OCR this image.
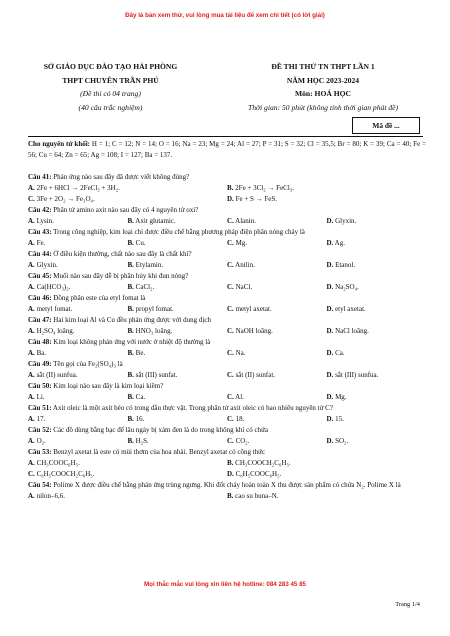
Đây là bản xem thử, vui lòng mua tài liệu để xem chi tiết (có lời giải)
SỞ GIÁO DỤC ĐÀO TẠO HẢI PHÒNG
THPT CHUYÊN TRẦN PHÚ
(Đề thi có 04 trang)
(40 câu trắc nghiệm)
ĐỀ THI THỬ TN THPT LẦN 1
NĂM HỌC 2023-2024
Môn: HOÁ HỌC
Thời gian: 50 phút (không tính thời gian phát đề)
Mã đề ...
Cho nguyên tử khối: H = 1; C = 12; N = 14; O = 16; Na = 23; Mg = 24; Al = 27; P = 31; S = 32; Cl = 35,5; Br = 80; K = 39; Ca = 40; Fe = 56; Cu = 64; Zn = 65; Ag = 108; I = 127; Ba = 137.
Câu 41: Phản ứng nào sau đây đã được viết không đúng?
A. 2Fe + 6HCl → 2FeCl₃ + 3H₂.	B. 2Fe + 3Cl₂ → FeCl₃.
C. 3Fe + 2O₂ → Fe₃O₄.	D. Fe + S → FeS.
Câu 42: Phân tử amino axit nào sau đây có 4 nguyên tử oxi?
A. Lysin.	B. Axit glutamic.	C. Alanin.	D. Glyxin.
Câu 43: Trong công nghiệp, kim loại chỉ được điều chế bằng phương pháp điện phân nóng chảy là
A. Fe.	B. Cu.	C. Mg.	D. Ag.
Câu 44: Ở điều kiện thường, chất nào sau đây là chất khí?
A. Glyxin.	B. Etylamin.	C. Anilin.	D. Etanol.
Câu 45: Muối nào sau đây dễ bị phân hủy khi đun nóng?
A. Ca(HCO₃)₂.	B. CaCl₂.	C. NaCl.	D. Na₂SO₄.
Câu 46: Đồng phân este của etyl fomat là
A. metyl fomat.	B. propyl fomat.	C. metyl axetat.	D. etyl axetat.
Câu 47: Hai kim loại Al và Cu đều phản ứng được với dung dịch
A. H₂SO₄ loãng.	B. HNO₃ loãng.	C. NaOH loãng.	D. NaCl loãng.
Câu 48: Kim loại không phản ứng với nước ở nhiệt độ thường là
A. Ba.	B. Be.	C. Na.	D. Ca.
Câu 49: Tên gọi của Fe₂(SO₄)₃ là
A. sắt (II) sunfua.	B. sắt (III) sunfat.	C. sắt (II) sunfat.	D. sắt (III) sunfua.
Câu 50: Kim loại nào sau đây là kim loại kiềm?
A. Li.	B. Ca.	C. Al.	D. Mg.
Câu 51: Axit oleic là một axit béo có trong dầu thực vật. Trong phân tử axit oleic có bao nhiêu nguyên tử C?
A. 17.	B. 16.	C. 18.	D. 15.
Câu 52: Các đồ dùng bằng bạc để lâu ngày bị xám đen là do trong không khí có chứa
A. O₂.	B. H₂S.	C. CO₂.	D. SO₂.
Câu 53: Benzyl axetat là este có mùi thơm của hoa nhài. Benzyl axetat có công thức
A. CH₃COOC₆H₅.	B. CH₃COOCH₂C₆H₅.
C. C₆H₅COOCH₂C₆H₅.	D. C₆H₅COOC₆H₅.
Câu 54: Polime X được điều chế bằng phản ứng trùng ngưng. Khi đốt cháy hoàn toàn X thu được sản phẩm có chứa N₂. Polime X là
A. nilon–6,6.	B. cao su buna–N.
Mọi thắc mắc vui lòng xin liên hệ hotline: 084 283 45 85
Trang 1/4
